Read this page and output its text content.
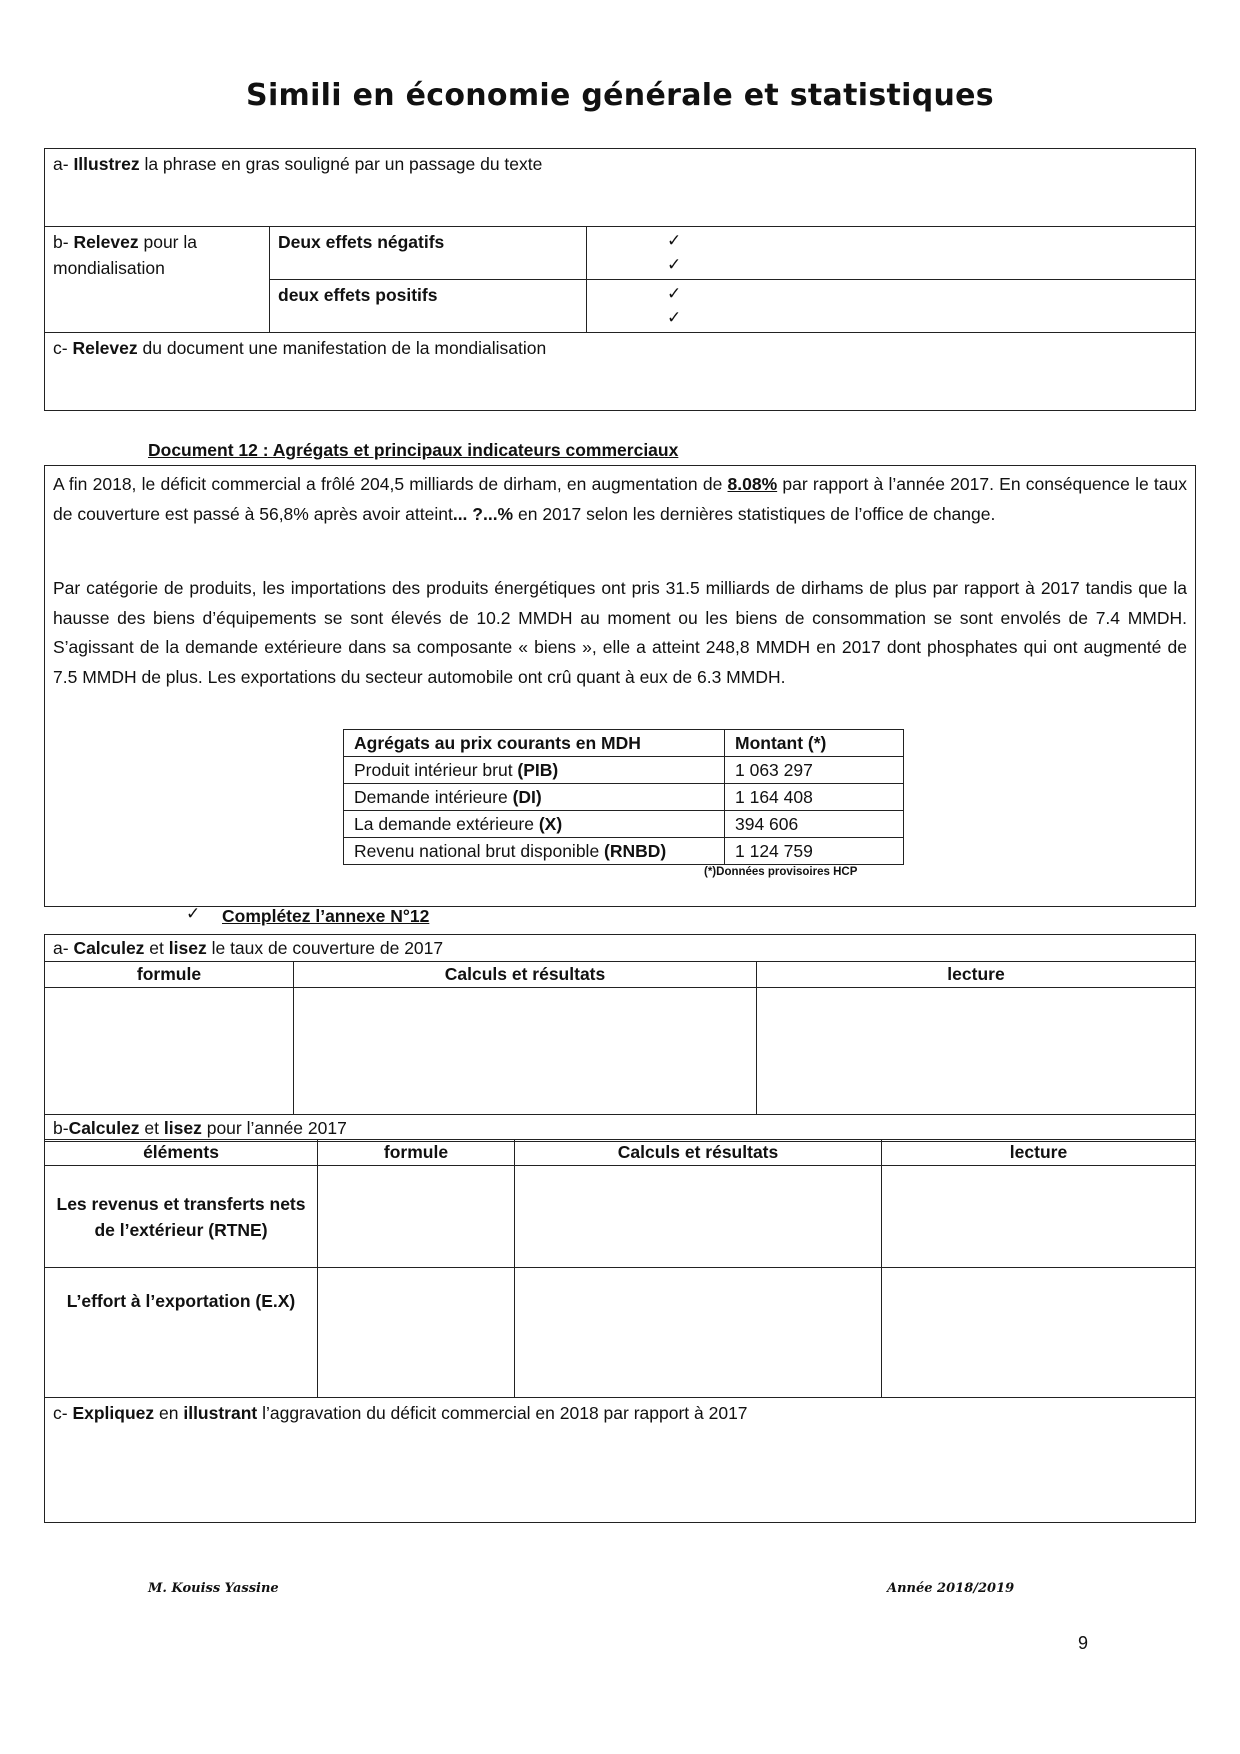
Simili en économie générale et statistiques
a- Illustrez la phrase en gras souligné par un passage du texte		
b- Relevez pour la mondialisation	Deux effets négatifs	✓
✓

	deux effets positifs	✓
✓

c- Relevez du document une manifestation de la mondialisation		
Document 12 : Agrégats et principaux indicateurs commerciaux
A fin 2018, le déficit commercial a frôlé 204,5 milliards de dirham, en augmentation de 8.08% par rapport à l’année 2017. En conséquence le taux de couverture est passé à 56,8% après avoir atteint... ?...% en 2017 selon les dernières statistiques de l’office de change.
Par catégorie de produits, les importations des produits énergétiques ont pris 31.5 milliards de dirhams de plus par rapport à 2017 tandis que la hausse des biens d’équipements se sont élevés de 10.2 MMDH au moment ou les biens de consommation se sont envolés de 7.4 MMDH. S’agissant de la demande extérieure dans sa composante « biens », elle a atteint 248,8 MMDH en 2017 dont phosphates qui ont augmenté de 7.5 MMDH de plus. Les exportations du secteur automobile ont crû quant à eux de 6.3 MMDH.
Agrégats au prix courants en MDH	Montant (*)
Produit intérieur brut (PIB)	1 063 297
Demande intérieure (DI)	1 164 408
La demande extérieure (X)	394 606
Revenu national brut disponible (RNBD)	1 124 759
(*)Données provisoires HCP
✓ Complétez l’annexe N°12
a- Calculez et lisez le taux de couverture de 2017		
formule	Calculs et résultats	lecture

b-Calculez et lisez pour l’année 2017		
éléments	formule	Calculs et résultats	lecture
Les revenus et transferts nets de l’extérieur (RTNE)			
L’effort à l’exportation (E.X)			
c- Expliquez en illustrant l’aggravation du déficit commercial en 2018 par rapport à 2017			
M. Kouiss Yassine	Année 2018/2019
9
